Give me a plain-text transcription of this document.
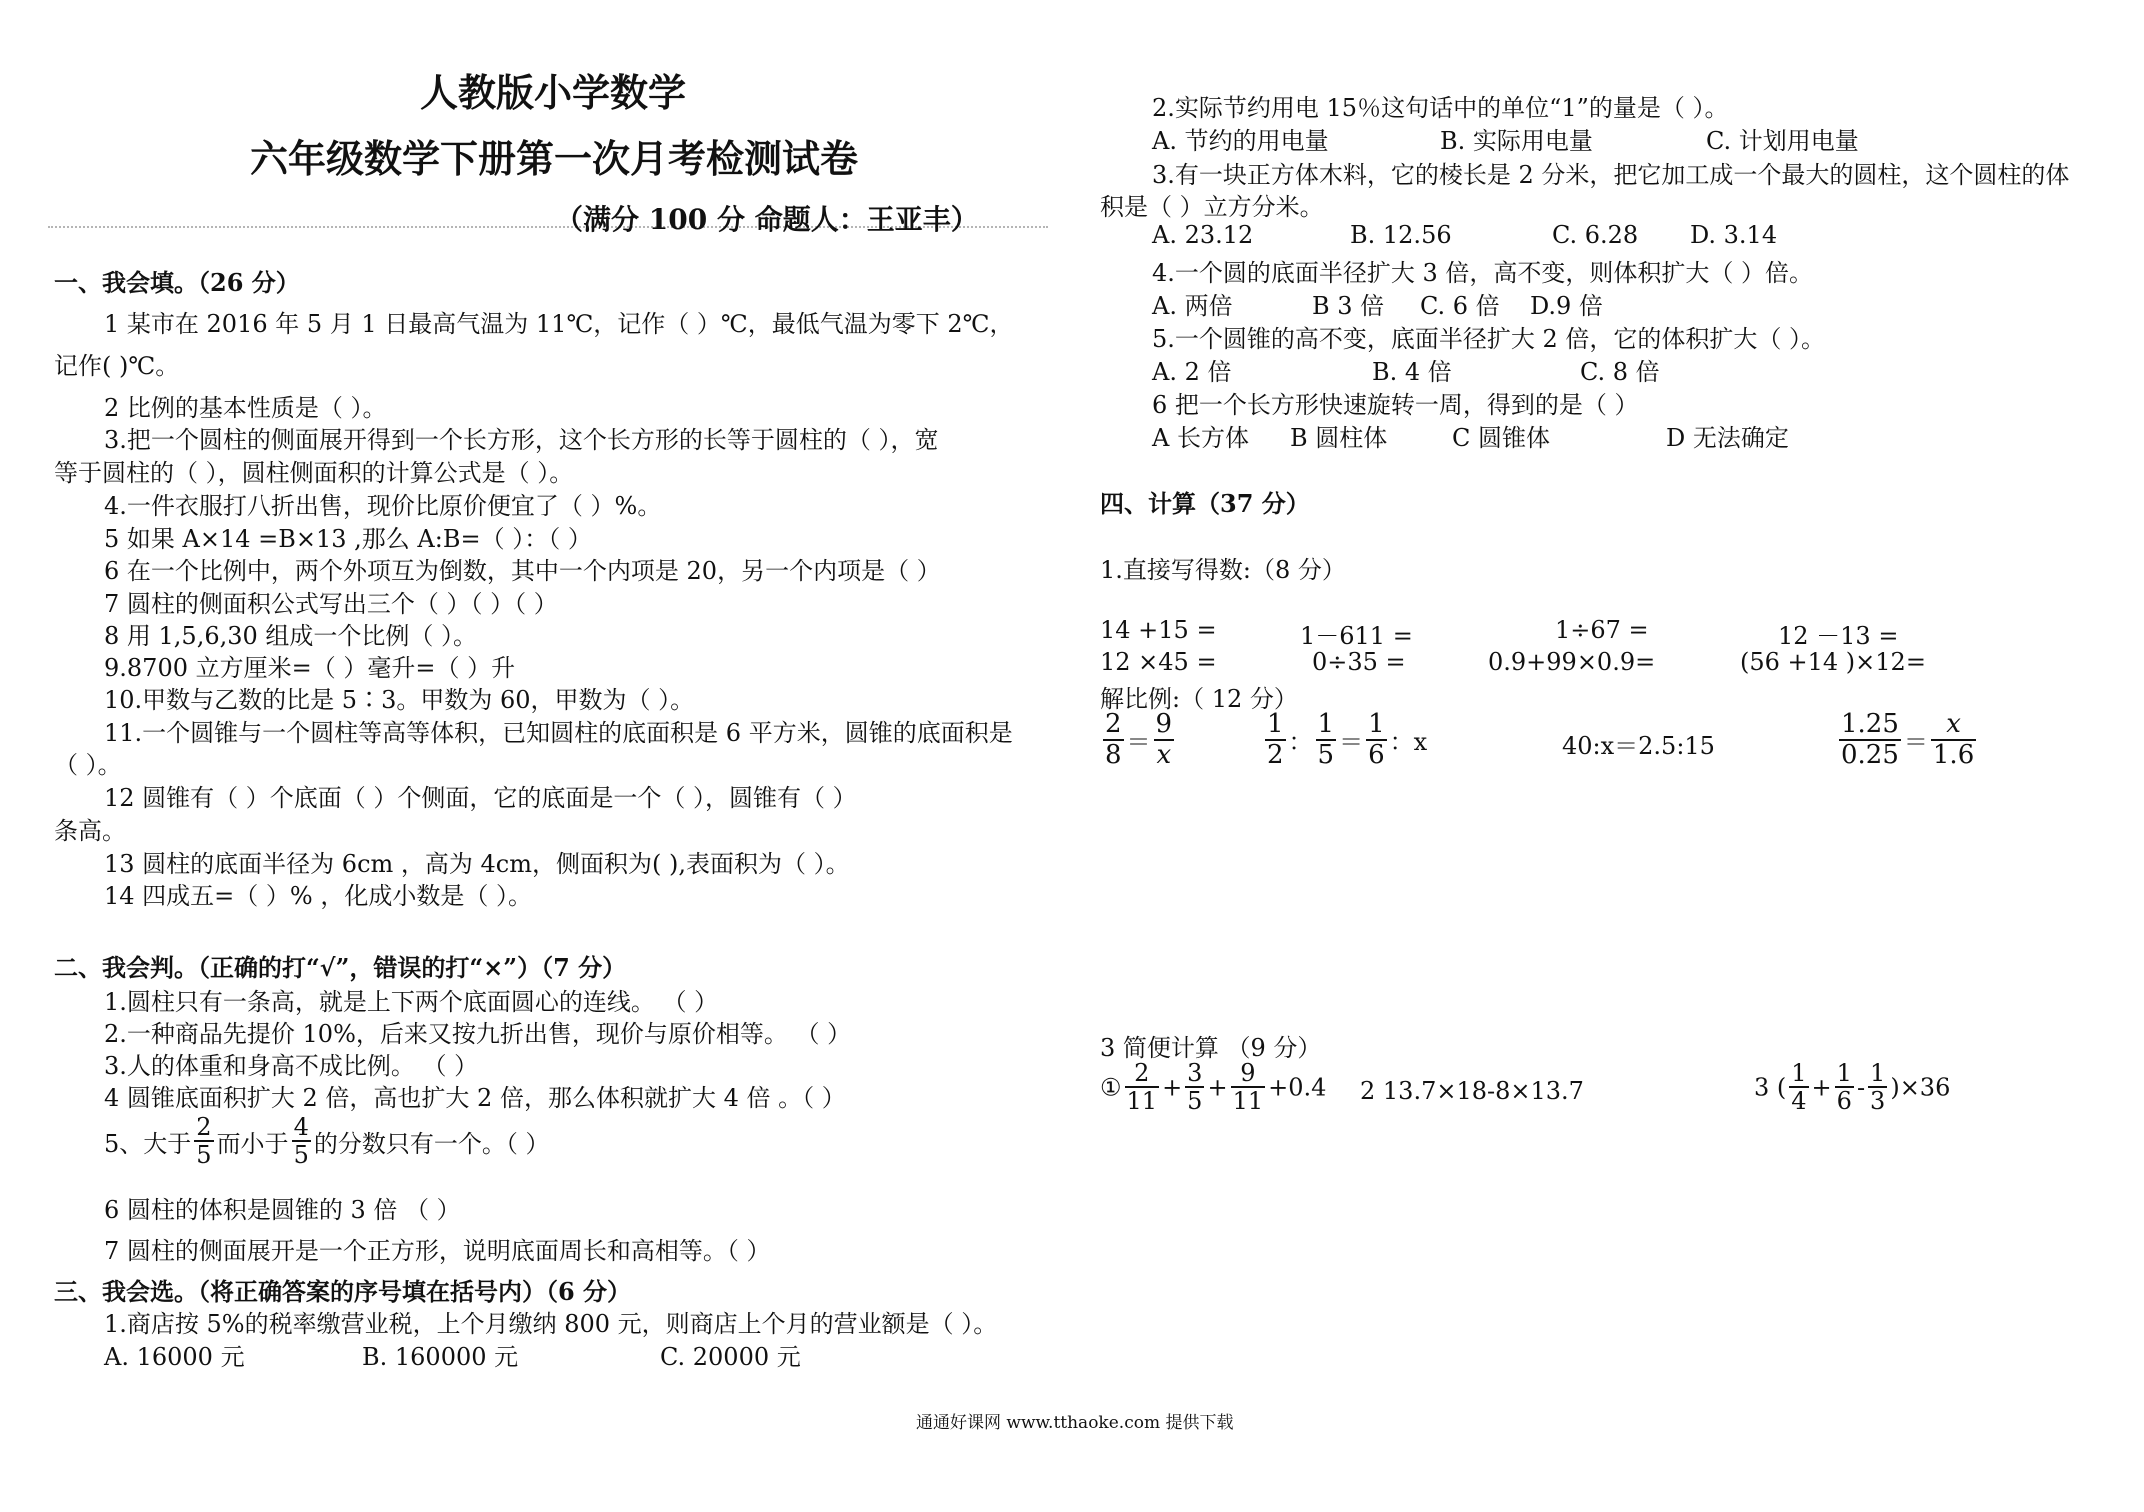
人教版小学数学
六年级数学下册第一次月考检测试卷
（满分 100 分 命题人：王亚丰）
一、我会填。（26 分）
1 某市在 2016 年 5 月 1 日最高气温为 11℃，记作（ ）℃，最低气温为零下 2℃，
记作( )℃。
2 比例的基本性质是（ ）。
3.把一个圆柱的侧面展开得到一个长方形，这个长方形的长等于圆柱的（ ），宽
等于圆柱的（ ），圆柱侧面积的计算公式是（ ）。
4.一件衣服打八折出售，现价比原价便宜了（ ）%。
5 如果 A×14 =B×13 ,那么 A:B=（ ）：（ ）
6 在一个比例中，两个外项互为倒数，其中一个内项是 20，另一个内项是（ ）
7 圆柱的侧面积公式写出三个（ ）（ ）（ ）
8 用 1,5,6,30 组成一个比例（ ）。
9.8700 立方厘米=（ ）毫升=（ ）升
10.甲数与乙数的比是 5∶3。甲数为 60，甲数为（ ）。
11.一个圆锥与一个圆柱等高等体积，已知圆柱的底面积是 6 平方米，圆锥的底面积是
（ ）。
12 圆锥有（ ）个底面（ ）个侧面，它的底面是一个（ ），圆锥有（ ）
条高。
13 圆柱的底面半径为 6cm ，高为 4cm，侧面积为( ),表面积为（ ）。
14 四成五=（ ）% ，化成小数是（ ）。
二、我会判。（正确的打“√”，错误的打“×”）（7 分）
1.圆柱只有一条高，就是上下两个底面圆心的连线。 （ ）
2.一种商品先提价 10%，后来又按九折出售，现价与原价相等。 （ ）
3.人的体重和身高不成比例。 （ ）
4 圆锥底面积扩大 2 倍，高也扩大 2 倍，那么体积就扩大 4 倍 。（ ）
5、大于 $\frac{2}{5}$ 而小于 $\frac{4}{5}$ 的分数只有一个。（ ）
6 圆柱的体积是圆锥的 3 倍 （ ）
7 圆柱的侧面展开是一个正方形，说明底面周长和高相等。（ ）
三、我会选。（将正确答案的序号填在括号内）（6 分）
1.商店按 5%的税率缴营业税，上个月缴纳 800 元，则商店上个月的营业额是（ ）。
A. 16000 元	B. 160000 元	C. 20000 元
2.实际节约用电 15％这句话中的单位“1”的量是（ ）。
A. 节约的用电量	B. 实际用电量	C. 计划用电量
3.有一块正方体木料，它的棱长是 2 分米，把它加工成一个最大的圆柱，这个圆柱的体
积是（ ）立方分米。
A. 23.12	B. 12.56	C. 6.28 D. 3.14
4.一个圆的底面半径扩大 3 倍，高不变，则体积扩大（ ）倍。
A. 两倍	B 3 倍 C. 6 倍 D.9 倍
5.一个圆锥的高不变，底面半径扩大 2 倍，它的体积扩大（ ）。
A. 2 倍	B. 4 倍	C. 8 倍
6 把一个长方形快速旋转一周，得到的是（ ）
A 长方体 B 圆柱体	C 圆锥体	D 无法确定
四、计算（37 分）
1.直接写得数:（8 分）
14 +15 =	1－611 =	1÷67 =	12 －13 =
12 ×45 =	0÷35 =	0.9+99×0.9=	(56 +14 )×12=
解比例:（ 12 分）
$\frac{2}{8} = \frac{9}{x}$	$\frac{1}{2}$ ： $\frac{1}{5} = \frac{1}{6}$ ：x	40:x＝2.5:15	$\frac{1.25}{0.25} = \frac{x}{1.6}$
3 简便计算 （9 分）
① $\frac{2}{11} + \frac{3}{5} + \frac{9}{11} +0.4$ 2 13.7×18-8×13.7	3 ( $\frac{1}{4} + \frac{1}{6} - \frac{1}{3} )\times 36$
通通好课网 www.tthaoke.com 提供下载
